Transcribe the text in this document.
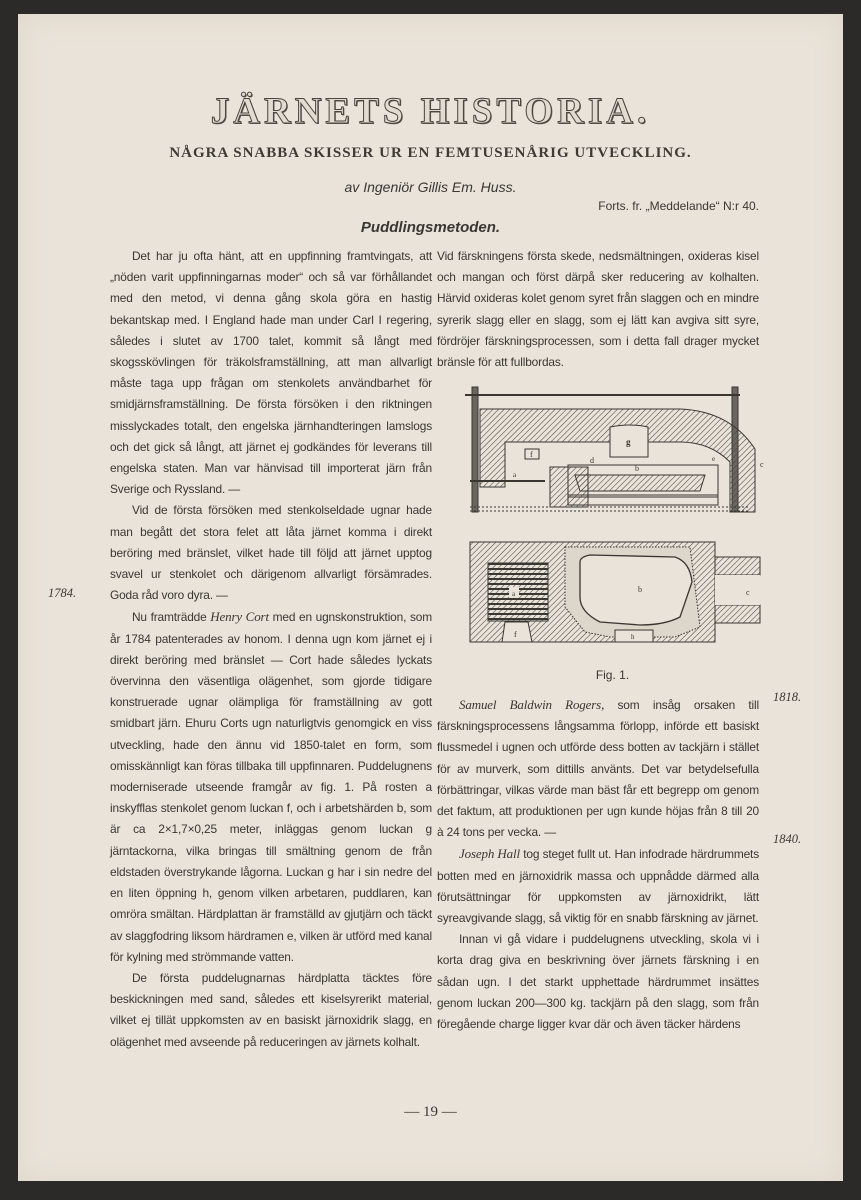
JÄRNETS HISTORIA.
NÅGRA SNABBA SKISSER UR EN FEMTUSENÅRIG UTVECKLING.
av Ingeniör Gillis Em. Huss.
Forts. fr. „Meddelande“ N:r 40.
Puddlingsmetoden.

Det har ju ofta hänt, att en uppfinning framtvingats, att „nöden varit uppfinningarnas moder“ och så var förhållandet med den metod, vi denna gång skola göra en hastig bekantskap med. I England hade man under Carl I regering, således i slutet av 1700 talet, kommit så långt med skogsskövlingen för träkolsframställning, att man allvarligt måste taga upp frågan om stenkolets användbarhet för smidjärnsframställning. De första försöken i den riktningen misslyckades totalt, den engelska järnhandteringen lamslogs och det gick så långt, att järnet ej godkändes för leverans till engelska staten. Man var hänvisad till importerat järn från Sverige och Ryssland. —

Vid de första försöken med stenkolseldade ugnar hade man begått det stora felet att låta järnet komma i direkt beröring med bränslet, vilket hade till följd att järnet upptog svavel ur stenkolet och därigenom allvarligt försämrades. Goda råd voro dyra. —

Nu framträdde Henry Cort med en ugnskonstruktion, som år 1784 patenterades av honom. I denna ugn kom järnet ej i direkt beröring med bränslet — Cort hade således lyckats övervinna den väsentliga olägenhet, som gjorde tidigare konstruerade ugnar olämpliga för framställning av gott smidbart järn. Ehuru Corts ugn naturligtvis genomgick en viss utveckling, hade den ännu vid 1850-talet en form, som omisskännligt kan föras tillbaka till uppfinnaren. Puddelugnens moderniserade utseende framgår av fig. 1. På rosten a inskyfflas stenkolet genom luckan f, och i arbetshärden b, som är ca 2×1,7×0,25 meter, inläggas genom luckan g järntackorna, vilka bringas till smältning genom de från eldstaden överstrykande lågorna. Luckan g har i sin nedre del en liten öppning h, genom vilken arbetaren, puddlaren, kan omröra smältan. Härdplattan är framställd av gjutjärn och täckt av slaggfodring liksom härdramen e, vilken är utförd med kanal för kylning med strömmande vatten.

De första puddelugnarnas härdplatta täcktes före beskickningen med sand, således ett kiselsyrerikt material, vilket ej tillät uppkomsten av en basiskt järnoxidrik slagg, en olägenhet med avseende på reduceringen av järnets kolhalt.

1784.

Vid färskningens första skede, nedsmältningen, oxideras kisel och mangan och först därpå sker reducering av kolhalten. Härvid oxideras kolet genom syret från slaggen och en mindre syrerik slagg eller en slagg, som ej lätt kan avgiva sitt syre, fördröjer färskningsprocessen, som i detta fall drager mycket bränsle för att fullbordas.

f
g
b
d	e
c
a
c
a
f
b
h
Fig. 1.

Samuel Baldwin Rogers, som insåg orsaken till färskningsprocessens långsamma förlopp, införde ett basiskt flussmedel i ugnen och utförde dess botten av tackjärn i stället för av murverk, som dittills använts. Det var betydelsefulla förbättringar, vilkas värde man bäst får ett begrepp om genom det faktum, att produktionen per ugn kunde höjas från 8 till 20 à 24 tons per vecka. —

Joseph Hall tog steget fullt ut. Han infodrade härdrummets botten med en järnoxidrik massa och uppnådde därmed alla förutsättningar för uppkomsten av järnoxidrikt, lätt syreavgivande slagg, så viktig för en snabb färskning av järnet.

Innan vi gå vidare i puddelugnens utveckling, skola vi i korta drag giva en beskrivning över järnets färskning i en sådan ugn. I det starkt upphettade härdrummet insättes genom luckan 200—300 kg. tackjärn på den slagg, som från föregående charge ligger kvar där och även täcker härdens

1818.
1840.
— 19 —
